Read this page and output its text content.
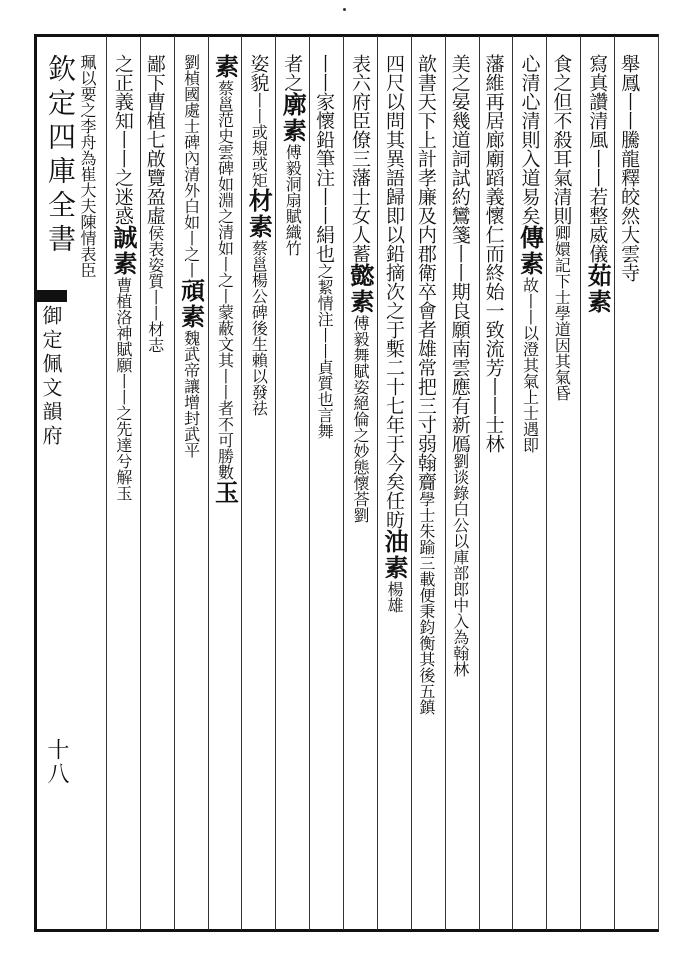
欽定四庫全書
御定佩文韻府
十八
舉鳳丨丨騰龍釋皎然大雲寺
寫真讚清風丨丨若整威儀茹素
食之但不殺耳氣清則卿嬛記下士學道因其氣昏
心清心清則入道易矣傳素故丨丨以澄其氣上士遇即
藩維再居廊廟蹈義懷仁而終始一致流芳丨丨士林
美之晏幾道詞試約鸞箋丨丨期良願南雲應有新鴈劉谈錄白公以庫部郎中入為翰林
歆書天下上計孝廉及内郡衛卒會者雄常把三寸弱翰齎學士朱踰三載便秉鈞衡其後五鎮
四尺以問其異語歸即以鉛摘次之于槧二十七年于今矣任昉油素楊雄
表六府臣僚三藩士女人蓄懿素傅毅舞賦姿絕倫之妙態懷荅劉
丨丨家懷鉛筆注丨丨絹也之絜情注丨丨貞質也言舞
者之廓素傅毅洞扇賦織竹
姿貌丨丨或規或矩材素蔡邕楊公碑後生賴以發祛
素蔡邕范史雲碑如淵之清如丨之丨蒙蔽文其丨丨者不可勝數玉
劉楨國處士碑內清外白如丨之丨頑素魏武帝讓增封武平
鄙下曹植七啟覽盈虛侯表姿質丨丨材志
之正義知丨丨之迷惑誠素曹植洛神賦願丨丨之先達兮解玉
珮以要之李舟為崔大夫陳情表臣
